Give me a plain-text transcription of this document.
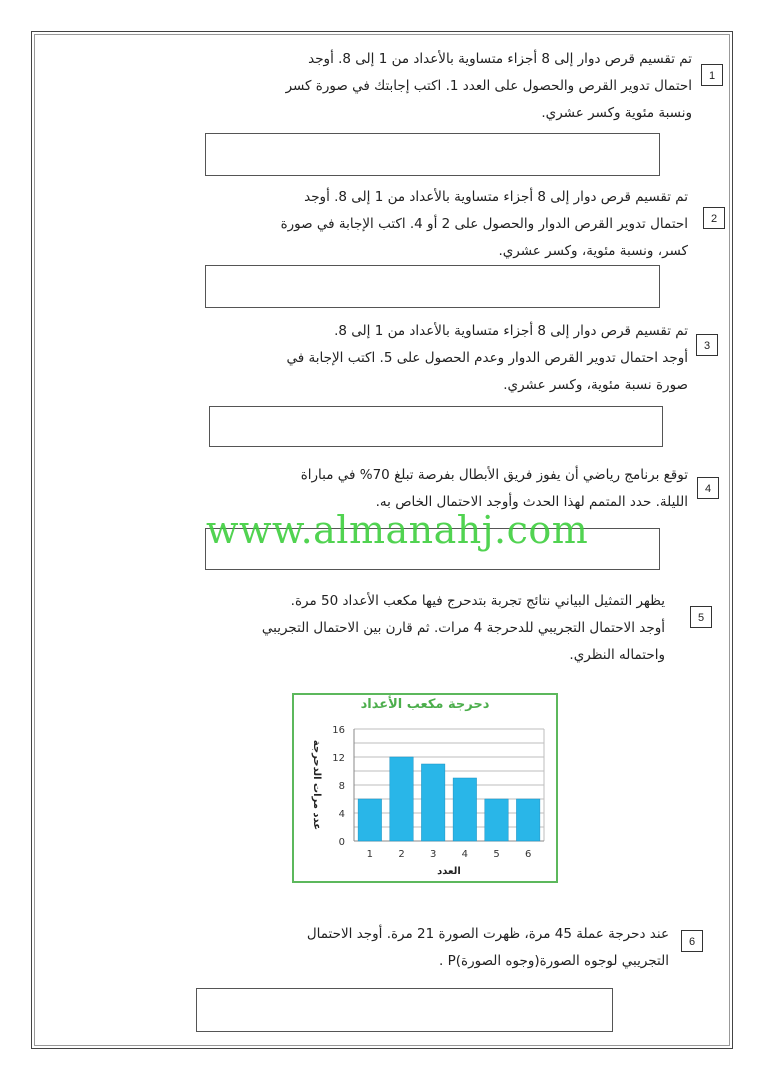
1
تم تقسيم قرص دوار إلى 8 أجزاء متساوية بالأعداد من 1 إلى 8. أوجد
احتمال تدوير القرص والحصول على العدد 1. اكتب إجابتك في صورة كسر
ونسبة مئوية وكسر عشري.
2
تم تقسيم قرص دوار إلى 8 أجزاء متساوية بالأعداد من 1 إلى 8. أوجد
احتمال تدوير القرص الدوار والحصول على 2 أو 4. اكتب الإجابة في صورة
كسر، ونسبة مئوية، وكسر عشري.
3
تم تقسيم قرص دوار إلى 8 أجزاء متساوية بالأعداد من 1 إلى 8.
أوجد احتمال تدوير القرص الدوار وعدم الحصول على 5. اكتب الإجابة في
صورة نسبة مئوية، وكسر عشري.
4
توقع برنامج رياضي أن يفوز فريق الأبطال بفرصة تبلغ 70% في مباراة
الليلة. حدد المتمم لهذا الحدث وأوجد الاحتمال الخاص به.
www.almanahj.com
5
يظهر التمثيل البياني نتائج تجربة بتدحرج فيها مكعب الأعداد 50 مرة.
أوجد الاحتمال التجريبي للدحرجة 4 مرات. ثم قارن بين الاحتمال التجريبي
واحتماله النظري.
دحرجة مكعب الأعداد
0
4
8
12
16
1	2	3	4	5	6
العدد
عدد مرات الدحرجة
6
عند دحرجة عملة 45 مرة، ظهرت الصورة 21 مرة. أوجد الاحتمال
التجريبي لوجوه الصورة(وجوه الصورة)P .
